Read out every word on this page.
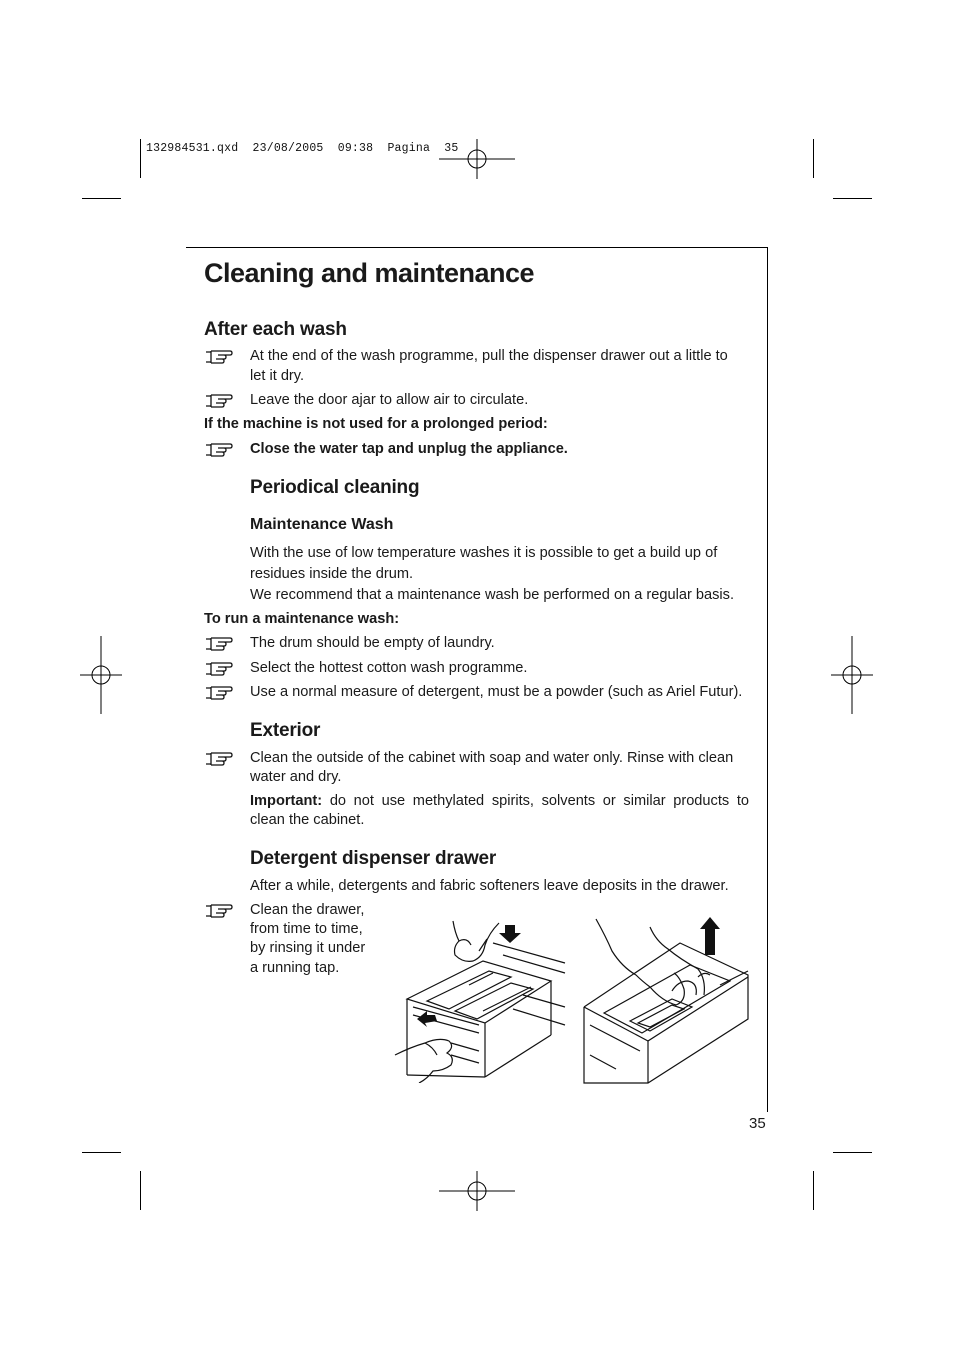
132984531.qxd  23/08/2005  09:38  Pagina  35
Cleaning and maintenance
After each wash
At the end of the wash programme, pull the dispenser drawer out a little to
let it dry.
Leave the door ajar to allow air to circulate.
If the machine is not used for a prolonged period:
Close the water tap and unplug the appliance.
Periodical cleaning
Maintenance Wash
With the use of low temperature washes it is possible to get a build up of
residues inside the drum.
We recommend that a maintenance wash be performed on a regular basis.
To run a maintenance wash:
The drum should be empty of laundry.
Select the hottest cotton wash programme.
Use a normal measure of detergent, must be a powder (such as Ariel Futur).
Exterior
Clean the outside of the cabinet with soap and water only. Rinse with clean
water and dry.
Important: do not use methylated spirits, solvents or similar products to
clean the cabinet.
Detergent dispenser drawer
After a while, detergents and fabric softeners leave deposits in the drawer.
Clean the drawer,
from time to time,
by rinsing it under
a running tap.
35
